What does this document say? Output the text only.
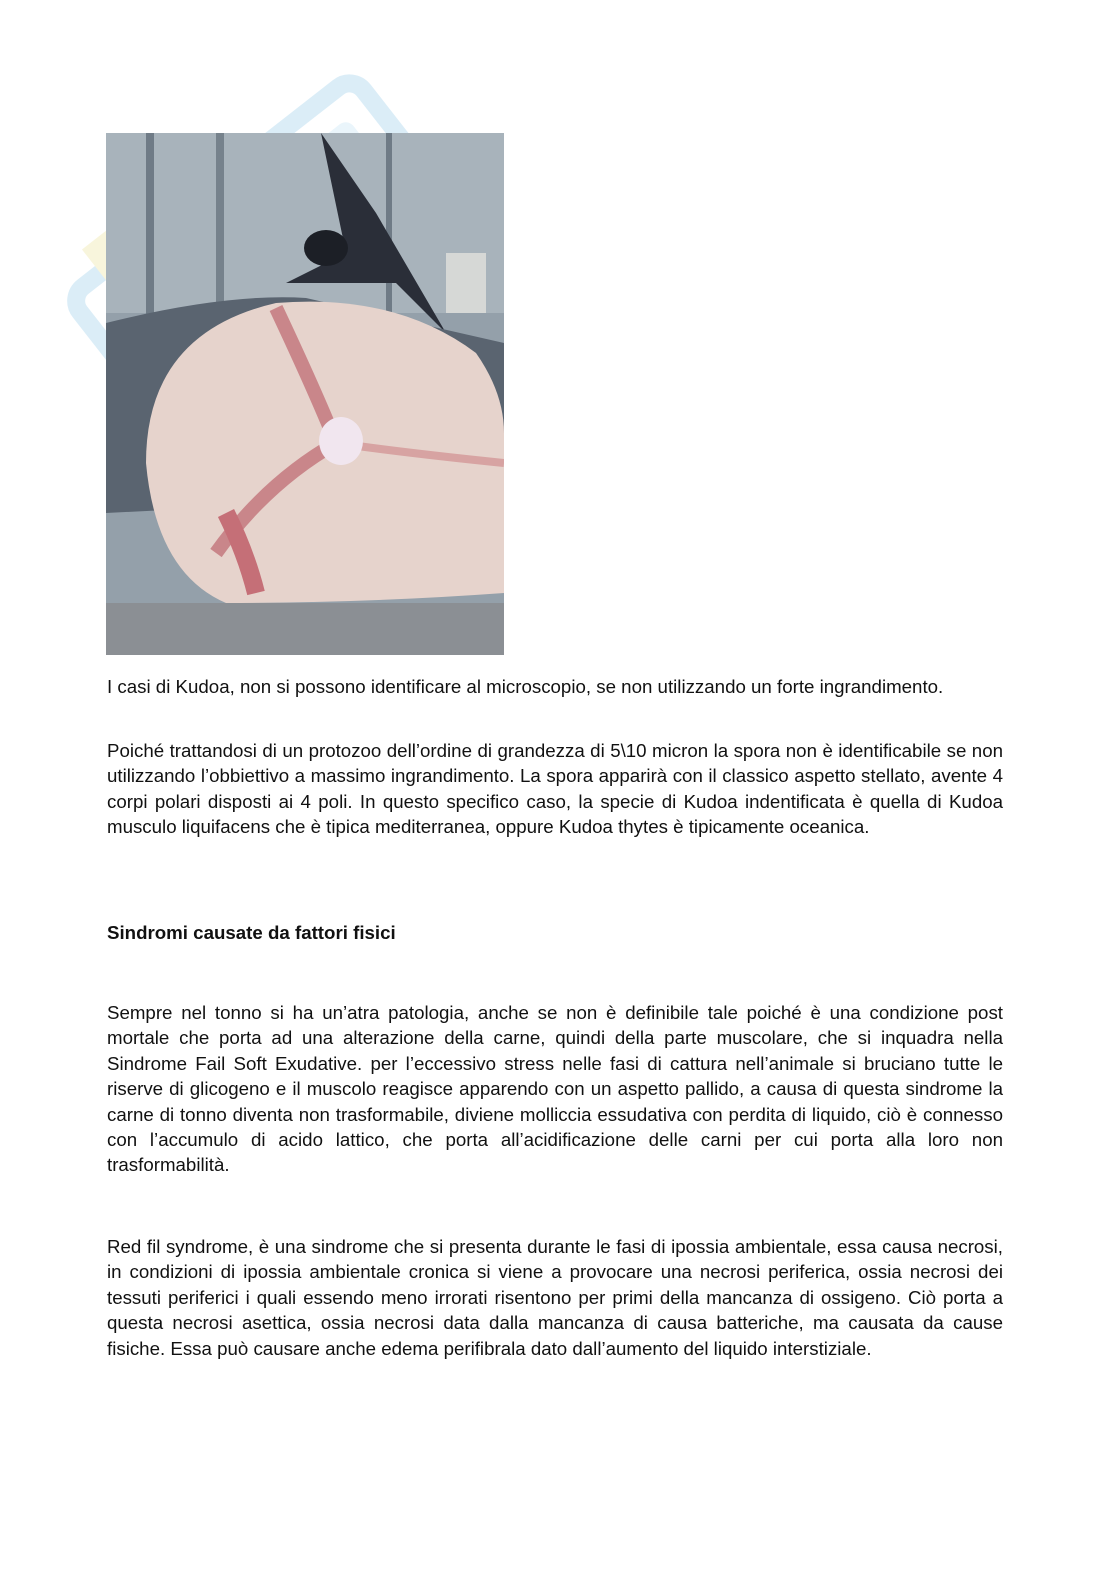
I casi di Kudoa, non si possono identificare al microscopio, se non utilizzando un forte ingrandimento.

Poiché trattandosi di un protozoo dell’ordine di grandezza di 5\10 micron la spora non è identificabile se non utilizzando l’obbiettivo a massimo ingrandimento. La spora apparirà con il classico aspetto stellato, avente 4 corpi polari disposti ai 4 poli. In questo specifico caso, la specie di Kudoa indentificata è quella di Kudoa musculo liquifacens che è tipica mediterranea, oppure Kudoa thytes è tipicamente oceanica.

Sindromi causate da fattori fisici

Sempre nel tonno si ha un’atra patologia, anche se non è definibile tale poiché è una condizione post mortale che porta ad una alterazione della carne, quindi della parte muscolare, che si inquadra nella Sindrome Fail Soft Exudative. per l’eccessivo stress nelle fasi di cattura nell’animale si bruciano tutte le riserve di glicogeno e il muscolo reagisce apparendo con un aspetto pallido, a causa di questa sindrome la carne di tonno diventa non trasformabile, diviene molliccia essudativa con perdita di liquido, ciò è connesso con l’accumulo di acido lattico, che porta all’acidificazione delle carni per cui porta alla loro non trasformabilità.

Red fil syndrome, è una sindrome che si presenta durante le fasi di ipossia ambientale, essa causa necrosi, in condizioni di ipossia ambientale cronica si viene a provocare una necrosi periferica, ossia necrosi dei tessuti periferici i quali essendo meno irrorati risentono per primi della mancanza di ossigeno. Ciò porta a questa necrosi asettica, ossia necrosi data dalla mancanza di causa batteriche, ma causata da cause fisiche. Essa può causare anche edema perifibrala dato dall’aumento del liquido interstiziale.
